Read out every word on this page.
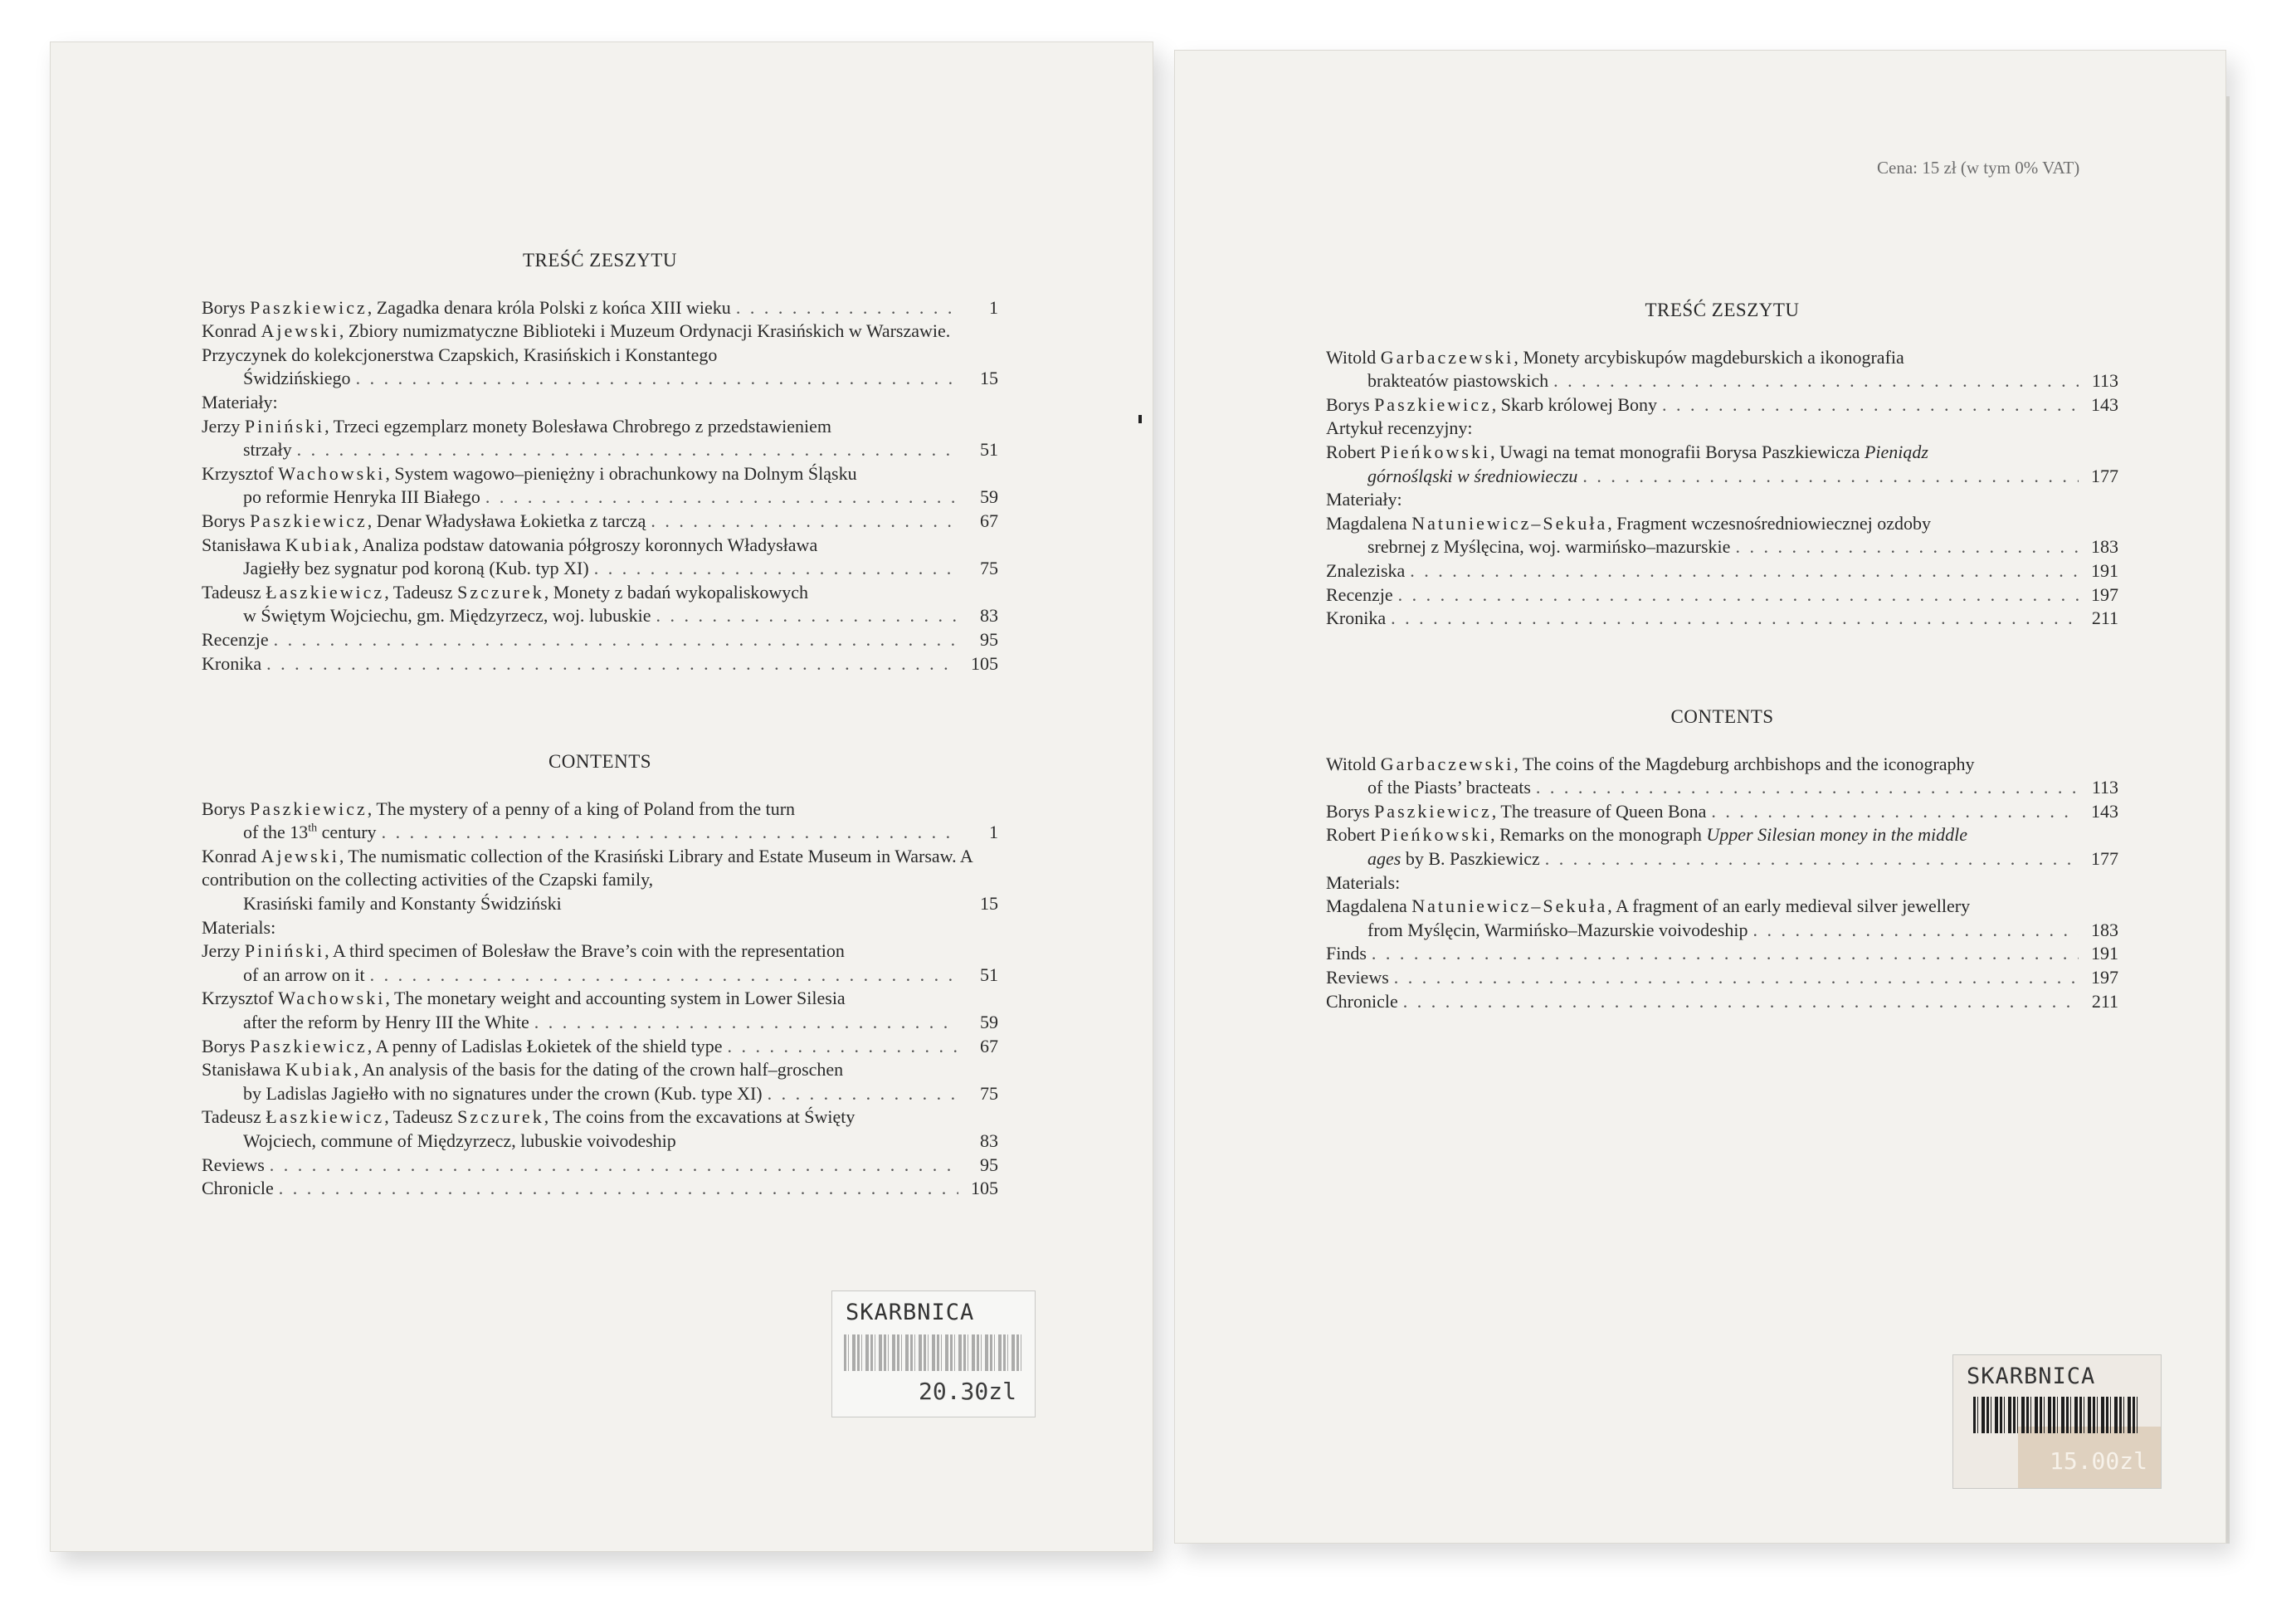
TREŚĆ ZESZYTU
Borys Paszkiewicz, Zagadka denara króla Polski z końca XIII wieku . . .	1
Konrad Ajewski, Zbiory numizmatyczne Biblioteki i Muzeum Ordynacji Krasińskich w Warszawie. Przyczynek do kolekcjonerstwa Czapskich, Krasińskich i Konstantego
Świdzińskiego . . .	15
Materiały:
Jerzy Piniński, Trzeci egzemplarz monety Bolesława Chrobrego z przedstawieniem
strzały . . .	51
Krzysztof Wachowski, System wagowo–pieniężny i obrachunkowy na Dolnym Śląsku
po reformie Henryka III Białego . . .	59
Borys Paszkiewicz, Denar Władysława Łokietka z tarczą . . .	67
Stanisława Kubiak, Analiza podstaw datowania półgroszy koronnych Władysława
Jagiełły bez sygnatur pod koroną (Kub. typ XI) . . .	75
Tadeusz Łaszkiewicz, Tadeusz Szczurek, Monety z badań wykopaliskowych
w Świętym Wojciechu, gm. Międzyrzecz, woj. lubuskie . . .	83
Recenzje . . .	95
Kronika . . .	105
CONTENTS
Borys Paszkiewicz, The mystery of a penny of a king of Poland from the turn
of the 13th century . . .	1
Konrad Ajewski, The numismatic collection of the Krasiński Library and Estate Museum in Warsaw. A contribution on the collecting activities of the Czapski family,
Krasiński family and Konstanty Świdziński	15
Materials:
Jerzy Piniński, A third specimen of Bolesław the Brave’s coin with the representation
of an arrow on it . . .	51
Krzysztof Wachowski, The monetary weight and accounting system in Lower Silesia
after the reform by Henry III the White . . .	59
Borys Paszkiewicz, A penny of Ladislas Łokietek of the shield type . . .	67
Stanisława Kubiak, An analysis of the basis for the dating of the crown half–groschen
by Ladislas Jagiełło with no signatures under the crown (Kub. type XI) . . .	75
Tadeusz Łaszkiewicz, Tadeusz Szczurek, The coins from the excavations at Święty
Wojciech, commune of Międzyrzecz, lubuskie voivodeship	83
Reviews . . .	95
Chronicle . . .	105
SKARBNICA
20.30zl
Cena: 15 zł (w tym 0% VAT)
TREŚĆ ZESZYTU
Witold Garbaczewski, Monety arcybiskupów magdeburskich a ikonografia
brakteatów piastowskich . . .	113
Borys Paszkiewicz, Skarb królowej Bony . . .	143
Artykuł recenzyjny:
Robert Pieńkowski, Uwagi na temat monografii Borysa Paszkiewicza Pieniądz
górnośląski w średniowieczu . . .	177
Materiały:
Magdalena Natuniewicz–Sekuła, Fragment wczesnośredniowiecznej ozdoby
srebrnej z Myślęcina, woj. warmińsko–mazurskie . . .	183
Znaleziska . . .	191
Recenzje . . .	197
Kronika . . .	211
CONTENTS
Witold Garbaczewski, The coins of the Magdeburg archbishops and the iconography
of the Piasts’ bracteats . . .	113
Borys Paszkiewicz, The treasure of Queen Bona . . .	143
Robert Pieńkowski, Remarks on the monograph Upper Silesian money in the middle
ages by B. Paszkiewicz . . .	177
Materials:
Magdalena Natuniewicz–Sekuła, A fragment of an early medieval silver jewellery
from Myślęcin, Warmińsko–Mazurskie voivodeship . . .	183
Finds . . .	191
Reviews . . .	197
Chronicle . . .	211
SKARBNICA
15.00zl
